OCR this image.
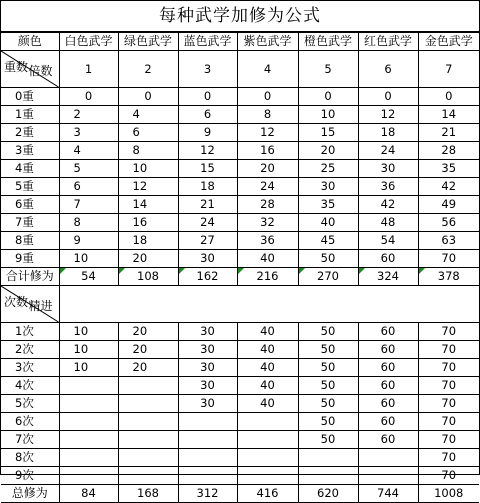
每种武学加修为公式
颜色	白色武学	绿色武学	蓝色武学	紫色武学	橙色武学	红色武学	金色武学

倍数
重数	1	2	3	4	5	6	7
0重	0	0	0	0	0	0	0
1重	2	4	6	8	10	12	14
2重	3	6	9	12	15	18	21
3重	4	8	12	16	20	24	28
4重	5	10	15	20	25	30	35
5重	6	12	18	24	30	36	42
6重	7	14	21	28	35	42	49
7重	8	16	24	32	40	48	56
8重	9	18	27	36	45	54	63
9重	10	20	30	40	50	60	70
合计修为	54	108	162	216	270	324	378

精进
次数							

1次	10	20	30	40	50	60	70
2次	10	20	30	40	50	60	70
3次	10	20	30	40	50	60	70
4次			30	40	50	60	70
5次			30	40	50	60	70
6次					50	60	70
7次					50	60	70
8次							70
9次							70
总修为	84	168	312	416	620	744	1008
